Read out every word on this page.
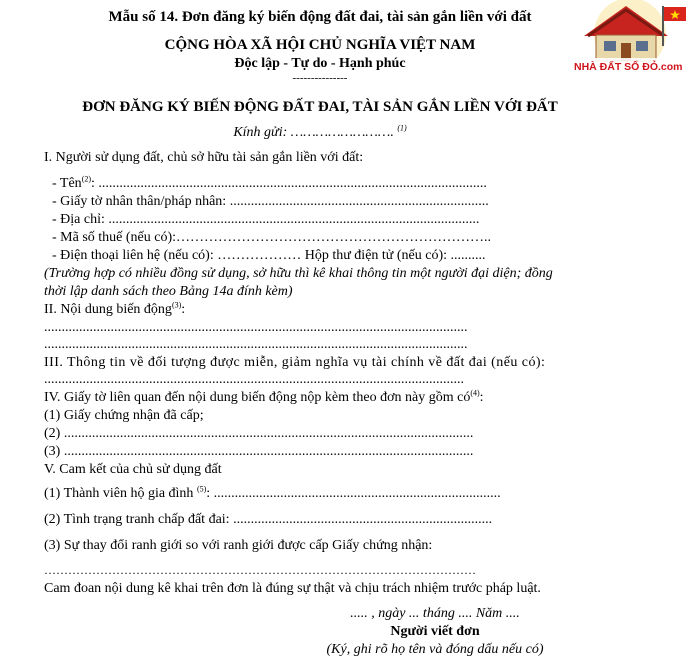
Mẫu số 14. Đơn đăng ký biến động đất đai, tài sản gắn liền với đất
CỘNG HÒA XÃ HỘI CHỦ NGHĨA VIỆT NAM
Độc lập - Tự do - Hạnh phúc
---------------
NHÀ ĐẤT SỔ ĐỎ.com
ĐƠN ĐĂNG KÝ BIẾN ĐỘNG ĐẤT ĐAI, TÀI SẢN GẮN LIỀN VỚI ĐẤT
Kính gửi: ……………………. $^{(1)}$
I. Người sử dụng đất, chủ sở hữu tài sản gắn liền với đất:
- Tên$^{(2)}$: ...............................................................................................................
- Giấy tờ nhân thân/pháp nhân: ..........................................................................
- Địa chỉ: ..........................................................................................................
- Mã số thuế (nếu có):…………………………………………………………..
- Điện thoại liên hệ (nếu có): ……………… Hộp thư điện tử (nếu có): ..........
(Trường hợp có nhiều đồng sử dụng, sở hữu thì kê khai thông tin một người đại diện; đồng
thời lập danh sách theo Bảng 14a đính kèm)
II. Nội dung biến động$^{(3)}$:
.........................................................................................................................
.........................................................................................................................
III. Thông tin về đối tượng được miễn, giảm nghĩa vụ tài chính về đất đai (nếu có):
........................................................................................................................
IV. Giấy tờ liên quan đến nội dung biến động nộp kèm theo đơn này gồm $có^{(4)}$:
(1) Giấy chứng nhận đã cấp;
(2) .....................................................................................................................
(3) .....................................................................................................................
V. Cam kết của chủ sử dụng đất
(1) Thành viên hộ gia đình $^{(5)}$: ..................................................................................
(2) Tình trạng tranh chấp đất đai: ..........................................................................
(3) Sự thay đổi ranh giới so với ranh giới được cấp Giấy chứng nhận:
………………………………………………………………………………………………
Cam đoan nội dung kê khai trên đơn là đúng sự thật và chịu trách nhiệm trước pháp luật.
..... , ngày ... tháng .... Năm ....
Người viết đơn
(Ký, ghi rõ họ tên và đóng dấu nếu có)
